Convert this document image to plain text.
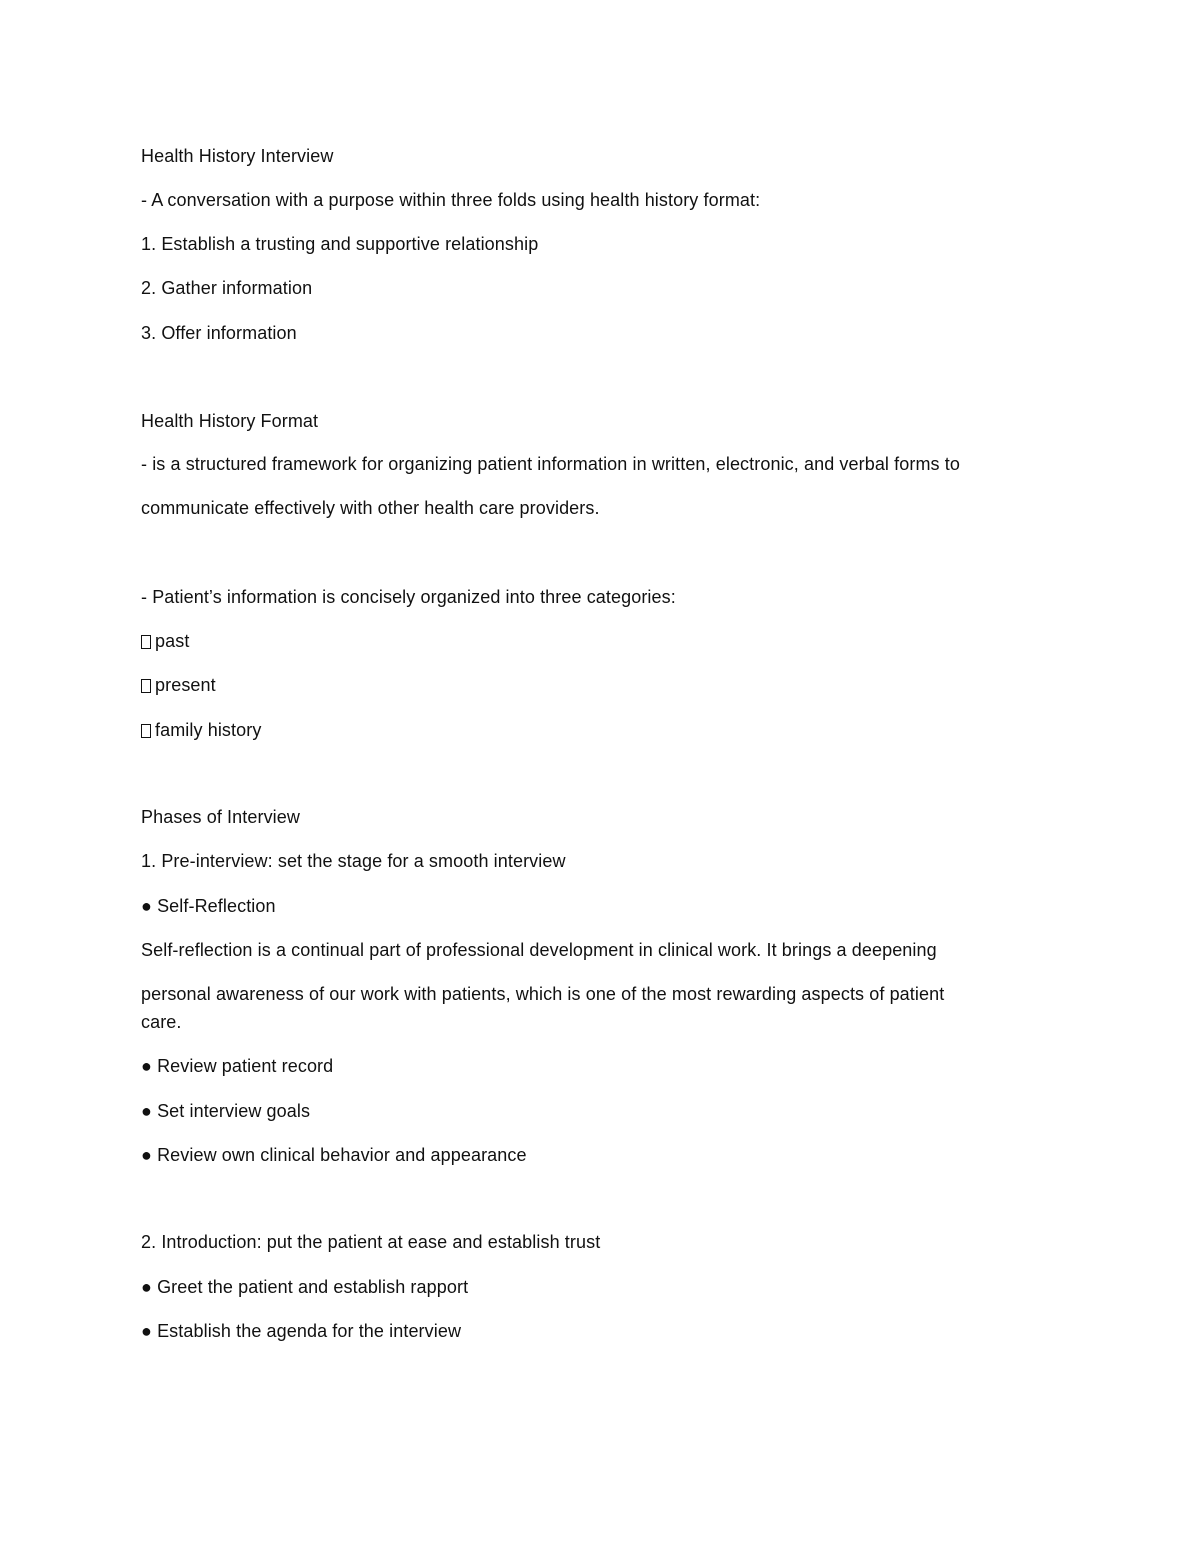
Health History Interview
- A conversation with a purpose within three folds using health history format:
1. Establish a trusting and supportive relationship
2. Gather information
3. Offer information
Health History Format
- is a structured framework for organizing patient information in written, electronic, and verbal forms to
communicate effectively with other health care providers.
- Patient’s information is concisely organized into three categories:
past
present
family history
Phases of Interview
1. Pre-interview: set the stage for a smooth interview
● Self-Reflection
Self-reflection is a continual part of professional development in clinical work. It brings a deepening
personal awareness of our work with patients, which is one of the most rewarding aspects of patient
care.
● Review patient record
● Set interview goals
● Review own clinical behavior and appearance
2. Introduction: put the patient at ease and establish trust
● Greet the patient and establish rapport
● Establish the agenda for the interview
